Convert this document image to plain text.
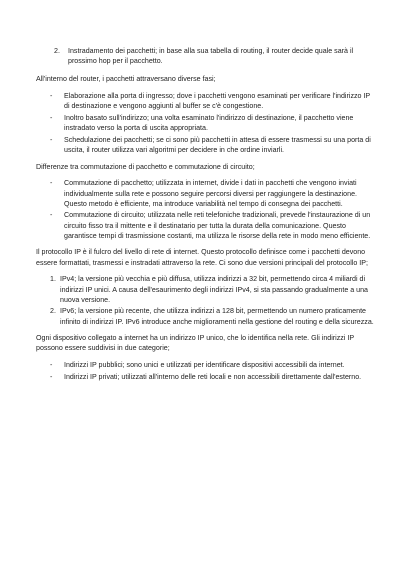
2.	Instradamento dei pacchetti; in base alla sua tabella di routing, il router decide quale sarà il prossimo hop per il pacchetto.

All'interno del router, i pacchetti attraversano diverse fasi;

-	Elaborazione alla porta di ingresso; dove i pacchetti vengono esaminati per verificare l'indirizzo IP di destinazione e vengono aggiunti al buffer se c'è congestione.
-	Inoltro basato sull'indirizzo; una volta esaminato l'indirizzo di destinazione, il pacchetto viene instradato verso la porta di uscita appropriata.
-	Schedulazione dei pacchetti; se ci sono più pacchetti in attesa di essere trasmessi su una porta di uscita, il router utilizza vari algoritmi per decidere in che ordine inviarli.

Differenze tra commutazione di pacchetto e commutazione di circuito;

-	Commutazione di pacchetto; utilizzata in internet, divide i dati in pacchetti che vengono inviati individualmente sulla rete e possono seguire percorsi diversi per raggiungere la destinazione. Questo metodo è efficiente, ma introduce variabilità nel tempo di consegna dei pacchetti.
-	Commutazione di circuito; utilizzata nelle reti telefoniche tradizionali, prevede l'instaurazione di un circuito fisso tra il mittente e il destinatario per tutta la durata della comunicazione. Questo garantisce tempi di trasmissione costanti, ma utilizza le risorse della rete in modo meno efficiente.

Il protocollo IP è il fulcro del livello di rete di internet. Questo protocollo definisce come i pacchetti devono essere formattati, trasmessi e instradati attraverso la rete. Ci sono due versioni principali del protocollo IP;

1. IPv4; la versione più vecchia e più diffusa, utilizza indirizzi a 32 bit, permettendo circa 4 miliardi di indirizzi IP unici. A causa dell'esaurimento degli indirizzi IPv4, si sta passando gradualmente a una nuova versione.
2. IPv6; la versione più recente, che utilizza indirizzi a 128 bit, permettendo un numero praticamente infinito di indirizzi IP. IPv6 introduce anche miglioramenti nella gestione del routing e della sicurezza.

Ogni dispositivo collegato a internet ha un indirizzo IP unico, che lo identifica nella rete. Gli indirizzi IP possono essere suddivisi in due categorie;

-	Indirizzi IP pubblici; sono unici e utilizzati per identificare dispositivi accessibili da internet.
-	Indirizzi IP privati; utilizzati all'interno delle reti locali e non accessibili direttamente dall'esterno.
